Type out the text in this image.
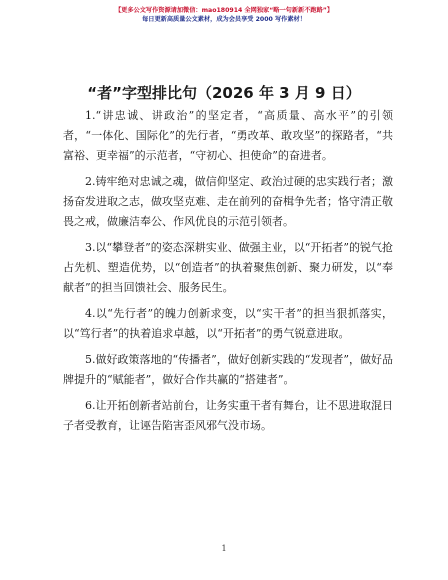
【更多公文写作资源请加微信：mao180914 全网独家“略一句新新不跑路”】
每日更新高质量公文素材，成为会员享受 2000 写作素材！
“者”字型排比句（2026 年 3 月 9 日）

1.“讲忠诚、讲政治”的坚定者，“高质量、高水平”的引领者，“一体化、国际化”的先行者，“勇改革、敢攻坚”的探路者，“共富裕、更幸福”的示范者，“守初心、担使命”的奋进者。

2.铸牢绝对忠诚之魂，做信仰坚定、政治过硬的忠实践行者；激扬奋发进取之志，做攻坚克难、走在前列的奋楫争先者；恪守清正敬畏之戒，做廉洁奉公、作风优良的示范引领者。

3.以“攀登者”的姿态深耕实业、做强主业，以“开拓者”的锐气抢占先机、塑造优势，以“创造者”的执着聚焦创新、聚力研发，以“奉献者”的担当回馈社会、服务民生。

4.以“先行者”的魄力创新求变，以“实干者”的担当狠抓落实，以“笃行者”的执着追求卓越，以“开拓者”的勇气锐意进取。

5.做好政策落地的“传播者”，做好创新实践的“发现者”，做好品牌提升的“赋能者”，做好合作共赢的“搭建者”。

6.让开拓创新者站前台，让务实重干者有舞台，让不思进取混日子者受教育，让诬告陷害歪风邪气没市场。

1
